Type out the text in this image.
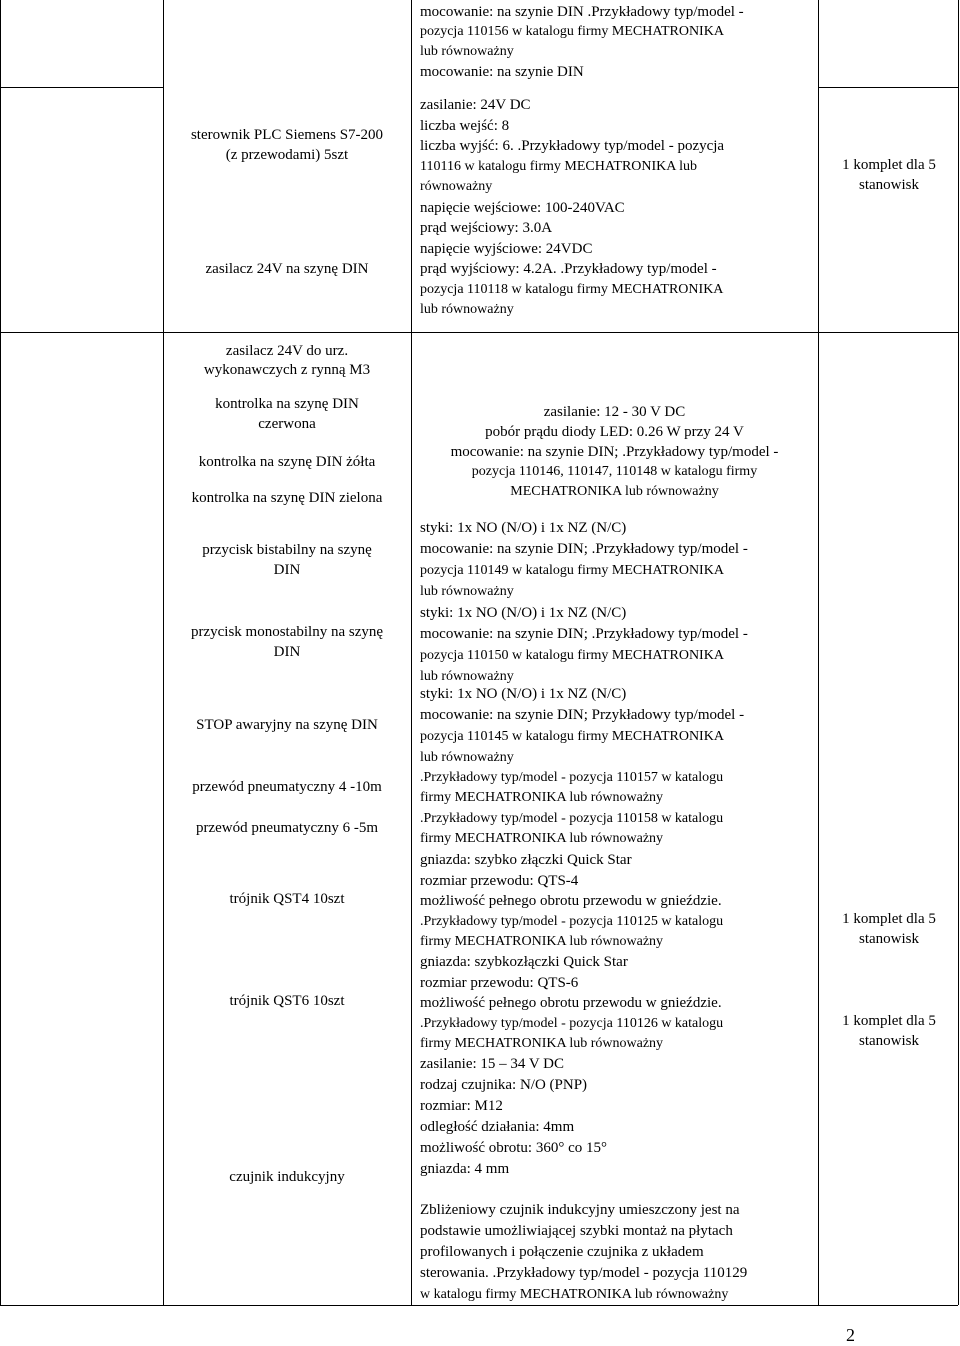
sterownik PLC Siemens S7-200
(z przewodami) 5szt
zasilacz 24V na szynę DIN
mocowanie: na szynie DIN .Przykładowy typ/model -
pozycja 110156 w katalogu firmy MECHATRONIKA
lub równoważny
mocowanie: na szynie DIN
zasilanie: 24V DC
liczba wejść: 8
liczba wyjść: 6. .Przykładowy typ/model - pozycja
110116 w katalogu firmy MECHATRONIKA lub
równoważny
napięcie wejściowe: 100-240VAC
prąd wejściowy: 3.0A
napięcie wyjściowe: 24VDC
prąd wyjściowy: 4.2A. .Przykładowy typ/model -
pozycja 110118 w katalogu firmy MECHATRONIKA
lub równoważny
1 komplet dla 5
stanowisk
zasilacz 24V do urz.
wykonawczych z rynną M3
kontrolka na szynę DIN
czerwona
kontrolka na szynę DIN żółta
kontrolka na szynę DIN zielona
przycisk bistabilny na szynę
DIN
przycisk monostabilny na szynę
DIN
STOP awaryjny na szynę DIN
przewód pneumatyczny 4 -10m
przewód pneumatyczny 6 -5m
trójnik QST4 10szt
trójnik QST6 10szt
czujnik indukcyjny
zasilanie: 12 - 30 V DC
pobór prądu diody LED: 0.26 W przy 24 V
mocowanie: na szynie DIN; .Przykładowy typ/model -
pozycja 110146, 110147, 110148 w katalogu firmy
MECHATRONIKA lub równoważny
styki: 1x NO (N/O) i 1x NZ (N/C)
mocowanie: na szynie DIN; .Przykładowy typ/model -
pozycja 110149 w katalogu firmy MECHATRONIKA
lub równoważny
styki: 1x NO (N/O) i 1x NZ (N/C)
mocowanie: na szynie DIN; .Przykładowy typ/model -
pozycja 110150 w katalogu firmy MECHATRONIKA
lub równoważny
styki: 1x NO (N/O) i 1x NZ (N/C)
mocowanie: na szynie DIN; Przykładowy typ/model -
pozycja 110145 w katalogu firmy MECHATRONIKA
lub równoważny
.Przykładowy typ/model - pozycja 110157 w katalogu
firmy MECHATRONIKA lub równoważny
.Przykładowy typ/model - pozycja 110158 w katalogu
firmy MECHATRONIKA lub równoważny
gniazda: szybko złączki Quick Star
rozmiar przewodu: QTS-4
możliwość pełnego obrotu przewodu w gnieździe.
.Przykładowy typ/model - pozycja 110125 w katalogu
firmy MECHATRONIKA lub równoważny
gniazda: szybkozłączki Quick Star
rozmiar przewodu: QTS-6
możliwość pełnego obrotu przewodu w gnieździe.
.Przykładowy typ/model - pozycja 110126 w katalogu
firmy MECHATRONIKA lub równoważny
zasilanie: 15 – 34 V DC
rodzaj czujnika: N/O (PNP)
rozmiar: M12
odległość działania: 4mm
możliwość obrotu: 360° co 15°
gniazda: 4 mm
Zbliżeniowy czujnik indukcyjny umieszczony jest na
podstawie umożliwiającej szybki montaż na płytach
profilowanych i połączenie czujnika z układem
sterowania. .Przykładowy typ/model - pozycja 110129
w katalogu firmy MECHATRONIKA lub równoważny
1 komplet dla 5
stanowisk
1 komplet dla 5
stanowisk
2
